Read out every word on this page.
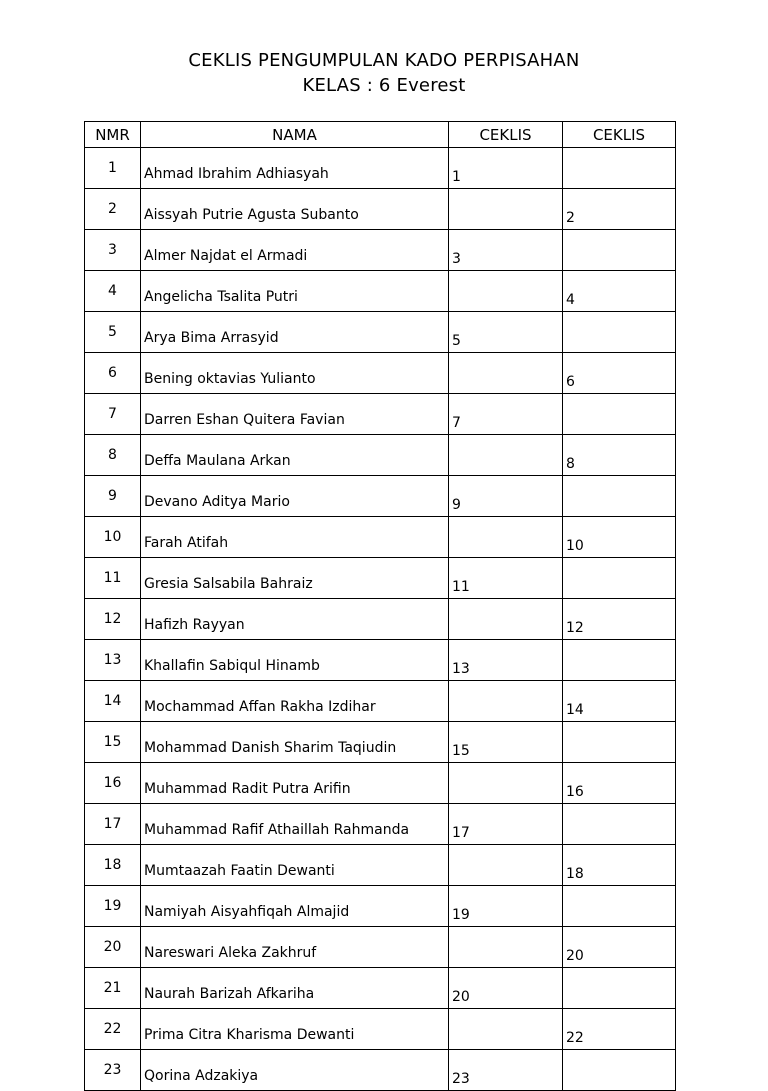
CEKLIS PENGUMPULAN KADO PERPISAHAN
KELAS : 6 Everest
NMR	NAMA	CEKLIS	CEKLIS
1	Ahmad Ibrahim Adhiasyah	1	
2	Aissyah Putrie Agusta Subanto		2
3	Almer Najdat el Armadi	3	
4	Angelicha Tsalita Putri		4
5	Arya Bima Arrasyid	5	
6	Bening oktavias Yulianto		6
7	Darren Eshan Quitera Favian	7	
8	Deffa Maulana Arkan		8
9	Devano Aditya Mario	9	
10	Farah Atifah		10
11	Gresia Salsabila Bahraiz	11	
12	Hafizh Rayyan		12
13	Khallafin Sabiqul Hinamb	13	
14	Mochammad Affan Rakha Izdihar		14
15	Mohammad Danish Sharim Taqiudin	15	
16	Muhammad Radit Putra Arifin		16
17	Muhammad Rafif Athaillah Rahmanda	17	
18	Mumtaazah Faatin Dewanti		18
19	Namiyah Aisyahfiqah Almajid	19	
20	Nareswari Aleka Zakhruf		20
21	Naurah Barizah Afkariha	20	
22	Prima Citra Kharisma Dewanti		22
23	Qorina Adzakiya	23	
